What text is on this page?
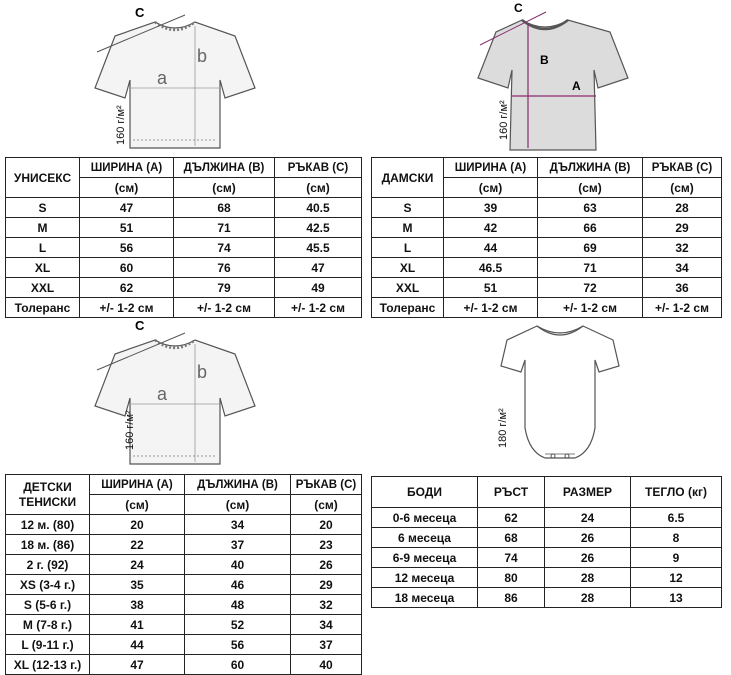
C
a
b
160 г/м²
C
B
A
160 г/м²
УНИСЕКС	ШИРИНА (А)	ДЪЛЖИНА (В)	РЪКАВ (С)
	(см)	(см)	(см)
S	47	68	40.5
M	51	71	42.5
L	56	74	45.5
XL	60	76	47
XXL	62	79	49
Толеранс	+/- 1-2 см	+/- 1-2 см	+/- 1-2 см
ДАМСКИ	ШИРИНА (А)	ДЪЛЖИНА (В)	РЪКАВ (С)
	(см)	(см)	(см)
S	39	63	28
M	42	66	29
L	44	69	32
XL	46.5	71	34
XXL	51	72	36
Толеранс	+/- 1-2 см	+/- 1-2 см	+/- 1-2 см
C
a
b
160 г/м²	180 г/м²
ДЕТСКИ
ТЕНИСКИ	ШИРИНА (А)	ДЪЛЖИНА (В)	РЪКАВ (С)
	(см)	(см)	(см)
12 м. (80)	20	34	20
18 м. (86)	22	37	23
2 г. (92)	24	40	26
XS (3-4 г.)	35	46	29
S (5-6 г.)	38	48	32
M (7-8 г.)	41	52	34
L (9-11 г.)	44	56	37
XL (12-13 г.)	47	60	40
БОДИ	РЪСТ	РАЗМЕР	ТЕГЛО (кг)
0-6 месеца	62	24	6.5
6 месеца	68	26	8
6-9 месеца	74	26	9
12 месеца	80	28	12
18 месеца	86	28	13
